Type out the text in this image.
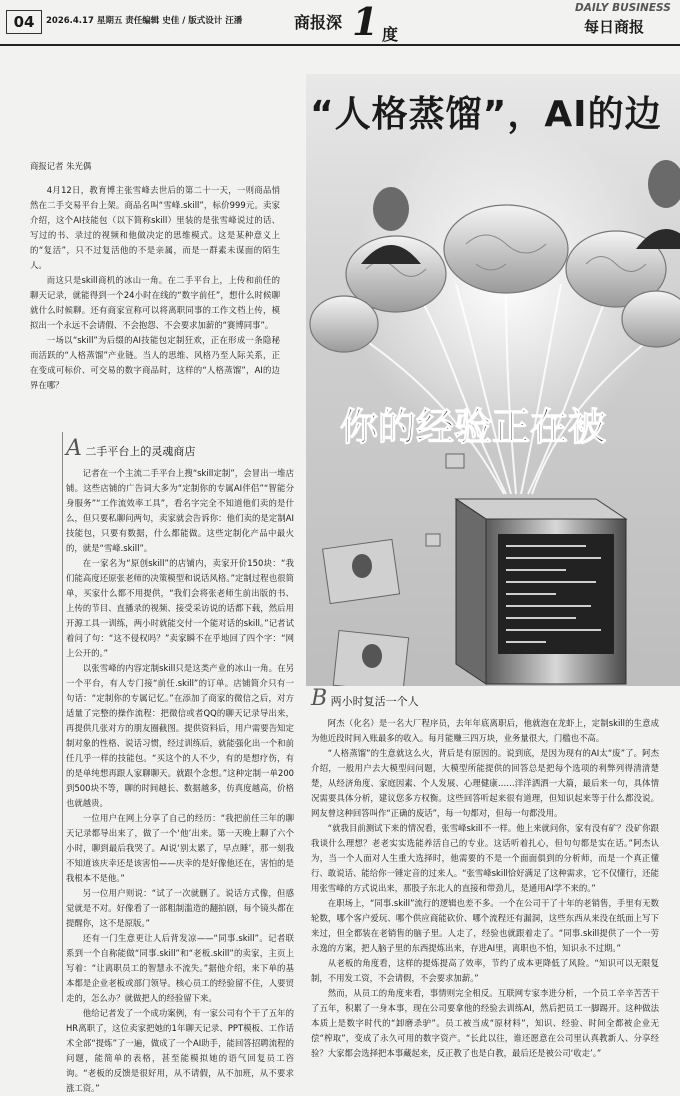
04	2026.4.17 星期五 责任编辑 史佳 / 版式设计 汪潘	商报深 1 度
DAILY BUSINESS
每日商报
“人格蒸馏”，AI的边
你的经验正在被
商报记者 朱光偶

4月12日，教育博主张雪峰去世后的第二十一天，一则商品悄然在二手交易平台上架。商品名叫“雪峰.skill”，标价999元。卖家介绍，这个AI技能包（以下简称skill）里装的是张雪峰说过的话、写过的书、录过的视频和他做决定的思维模式。这是某种意义上的“复活”，只不过复活他的不是亲属，而是一群素未谋面的陌生人。

而这只是skill商机的冰山一角。在二手平台上，上传和前任的聊天记录，就能得到一个24小时在线的“数字前任”，想什么时候聊就什么时候聊。还有商家宣称可以将离职同事的工作文档上传，模拟出一个永远不会请假、不会抱怨、不会要求加薪的“赛博同事”。

一场以“skill”为后缀的AI技能包定制狂欢，正在形成一条隐秘而活跃的“人格蒸馏”产业链。当人的思维、风格乃至人际关系，正在变成可标价、可交易的数字商品时，这样的“人格蒸馏”，AI的边界在哪？

A 二手平台上的灵魂商店

记者在一个主流二手平台上搜“skill定制”，会冒出一堆店铺。这些店铺的广告词大多为“定制你的专属AI伴侣”“智能分身服务”“工作流效率工具”，看名字完全不知道他们卖的是什么，但只要私聊问两句，卖家就会告诉你：他们卖的是定制AI技能包，只要有数据，什么都能做。这些定制化产品中最火的，就是“雪峰.skill”。

在一家名为“原创skill”的店铺内，卖家开价150块：“我们能高度还原张老师的决策模型和说话风格。”定制过程也很简单，买家什么都不用提供，“我们会将张老师生前出版的书、上传的节目、直播录的视频、接受采访说的话都下载，然后用开源工具一训练，两小时就能交付一个能对话的skill。”记者试着问了句：“这不侵权吗？”卖家瞬不在乎地回了四个字：“网上公开的。”

以张雪峰的内容定制skill只是这类产业的冰山一角。在另一个平台，有人专门接“前任.skill”的订单。店铺简介只有一句话：“定制你的专属记忆。”在添加了商家的微信之后，对方适量了完整的操作流程：把微信或者QQ的聊天记录导出来，再提供几张对方的朋友圈截图。提供资料后，用户需要告知定制对象的性格、说话习惯，经过训练后，就能强化出一个和前任几乎一样的技能包。“买这个的人不少，有的是想疗伤，有的是单纯想再跟人家聊聊天。就跟个念想。”这种定制一单200到500块不等，聊的时间越长、数据越多，仿真度越高，价格也就越贵。

一位用户在网上分享了自己的经历：“我把前任三年的聊天记录都导出来了，做了一个‘他’出来。第一天晚上聊了六个小时，聊到最后我哭了。AI说‘别太累了，早点睡’，那一刻我不知道该庆幸还是该害怕——庆幸的是好像他还在，害怕的是我根本不是他。”

另一位用户则说：“试了一次就删了。说话方式像，但感觉就是不对。好像看了一部粗制滥造的翻拍剧，每个镜头都在提醒你，这不是原版。”

还有一门生意更让人后背发凉——“同事.skill”。记者联系到一个自称能做“同事.skill”和“老板.skill”的卖家，主页上写着：“让离职员工的智慧永不流失。”据他介绍，来下单的基本都是企业老板或部门领导。核心员工的经验留不住，人要贸走的，怎么办？就做把人的经验留下来。

他给记者发了一个成功案例，有一家公司有个干了五年的HR离职了，这位卖家把她的1年聊天记录、PPT模板、工作话术全部“提炼”了一遍，做成了一个AI助手，能回答招聘流程的问题，能简单的表格，甚至能模拟她的语气回复员工咨询。“老板的反馈是很好用，从不请假，从不加班，从不要求涨工资。”

B 两小时复活一个人

阿杰（化名）是一名大厂程序员，去年年底离职后，他就泡在龙虾上，定制skill的生意成为他近段时间入账最多的收入。每月能赚三四万块，业务量很大，门槛也不高。

“人格蒸馏”的生意就这么火，背后是有原因的。说到底，是因为现有的AI太“废”了。阿杰介绍，一般用户去大模型问问题，大模型所能提供的回答总是把每个选项的利弊列得清清楚楚，从经济角度、家庭因素、个人发展、心理健康……洋洋洒洒一大篇，最后来一句，具体情况需要具体分析，建议您多方权衡。这些回答听起来很有道理，但知识起来等于什么都没说。网友曾这种回答叫作“正确的废话”，每一句都对，但每一句都没用。

“就我目前测试下来的情况看，张雪峰skill不一样。他上来就问你，家有没有矿？没矿你跟我谈什么理想？老老实实选能养活自己的专业。这话听着扎心，但句句都是实在话。”阿杰认为，当一个人面对人生重大选择时，他需要的不是一个面面俱到的分析师，而是一个真正懂行、敢说话、能给你一锤定音的过来人。“张雪峰skill恰好满足了这种需求，它不仅懂行，还能用张雪峰的方式说出来，那股子东北人的直接和带劲儿，是通用AI学不来的。”

在职场上，“同事.skill”流行的逻辑也差不多。一个在公司干了十年的老销售，手里有无数轮数，哪个客户爱玩、哪个供应商能砍价、哪个流程还有漏洞，这些东西从来没在纸面上写下来过，但全都装在老销售的脑子里。人走了，经验也就跟着走了。“同事.skill提供了一个一劳永逸的方案，把人脑子里的东西提炼出来，存进AI里，离职也不怕，知识永不过期。”

从老板的角度看，这样的提炼提高了效率，节约了成本更降低了风险。“知识可以无限复制，不用发工资，不会请假，不会要求加薪。”

然而，从员工的角度来看，事情则完全相反。互联网专家李进分析，一个员工辛辛苦苦干了五年，积累了一身本事，现在公司要拿他的经验去训练AI，然后把员工一脚踢开。这种做法本质上是数字时代的“卸磨杀驴”。员工被当成“原材料”，知识、经验、时间全都被企业无偿“榨取”，变成了永久可用的数字资产。“长此以往，谁还愿意在公司里认真教新人、分享经验？大家都会选择把本事藏起来，反正教了也是白教，最后还是被公司‘收走’。”
